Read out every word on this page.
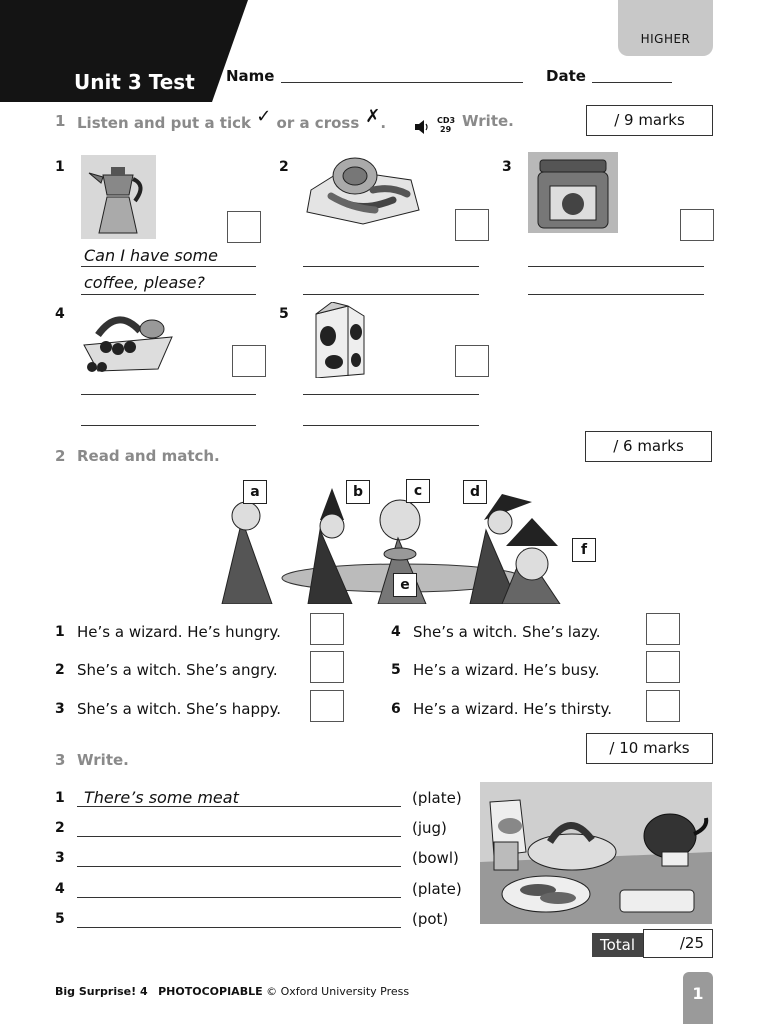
HIGHER
Unit 3 Test Name	Date
1 Listen and put a tick ✓ or a cross ✗.	CD3
29 Write.	/ 9 marks
1
Can I have some
coffee, please?
2	3
4	5
2 Read and match.
/ 6 marks
a	b	c	d
e
f
1 He’s a wizard. He’s hungry.
2 She’s a witch. She’s angry.
3 She’s a witch. She’s happy.
4 She’s a witch. She’s lazy.
5 He’s a wizard. He’s busy.
6 He’s a wizard. He’s thirsty.
3 Write.
/ 10 marks
1 There’s some meat	(plate)
2	(jug)
3	(bowl)
4	(plate)
5	(pot)
Total	/25
Big Surprise! 4 PHOTOCOPIABLE © Oxford University Press	1
